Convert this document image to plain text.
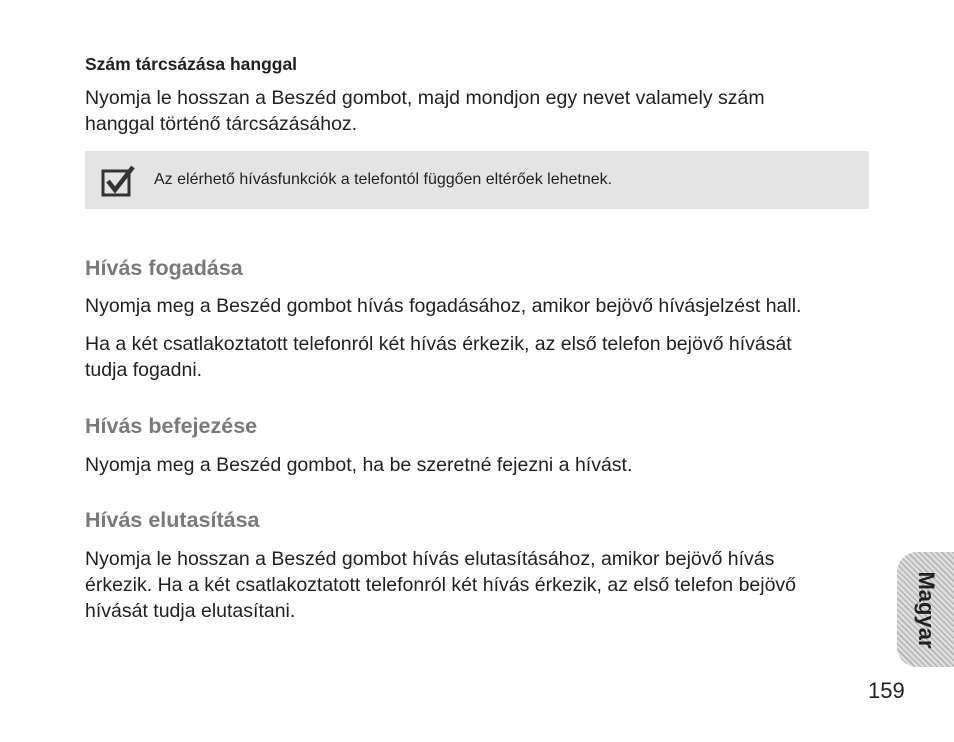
Szám tárcsázása hanggal

Nyomja le hosszan a Beszéd gombot, majd mondjon egy nevet valamely szám
hanggal történő tárcsázásához.

Az elérhető hívásfunkciók a telefontól függően eltérőek lehetnek.

Hívás fogadása

Nyomja meg a Beszéd gombot hívás fogadásához, amikor bejövő hívásjelzést hall.

Ha a két csatlakoztatott telefonról két hívás érkezik, az első telefon bejövő hívását
tudja fogadni.

Hívás befejezése

Nyomja meg a Beszéd gombot, ha be szeretné fejezni a hívást.

Hívás elutasítása

Nyomja le hosszan a Beszéd gombot hívás elutasításához, amikor bejövő hívás
érkezik. Ha a két csatlakoztatott telefonról két hívás érkezik, az első telefon bejövő
hívását tudja elutasítani.	Magyar

159
